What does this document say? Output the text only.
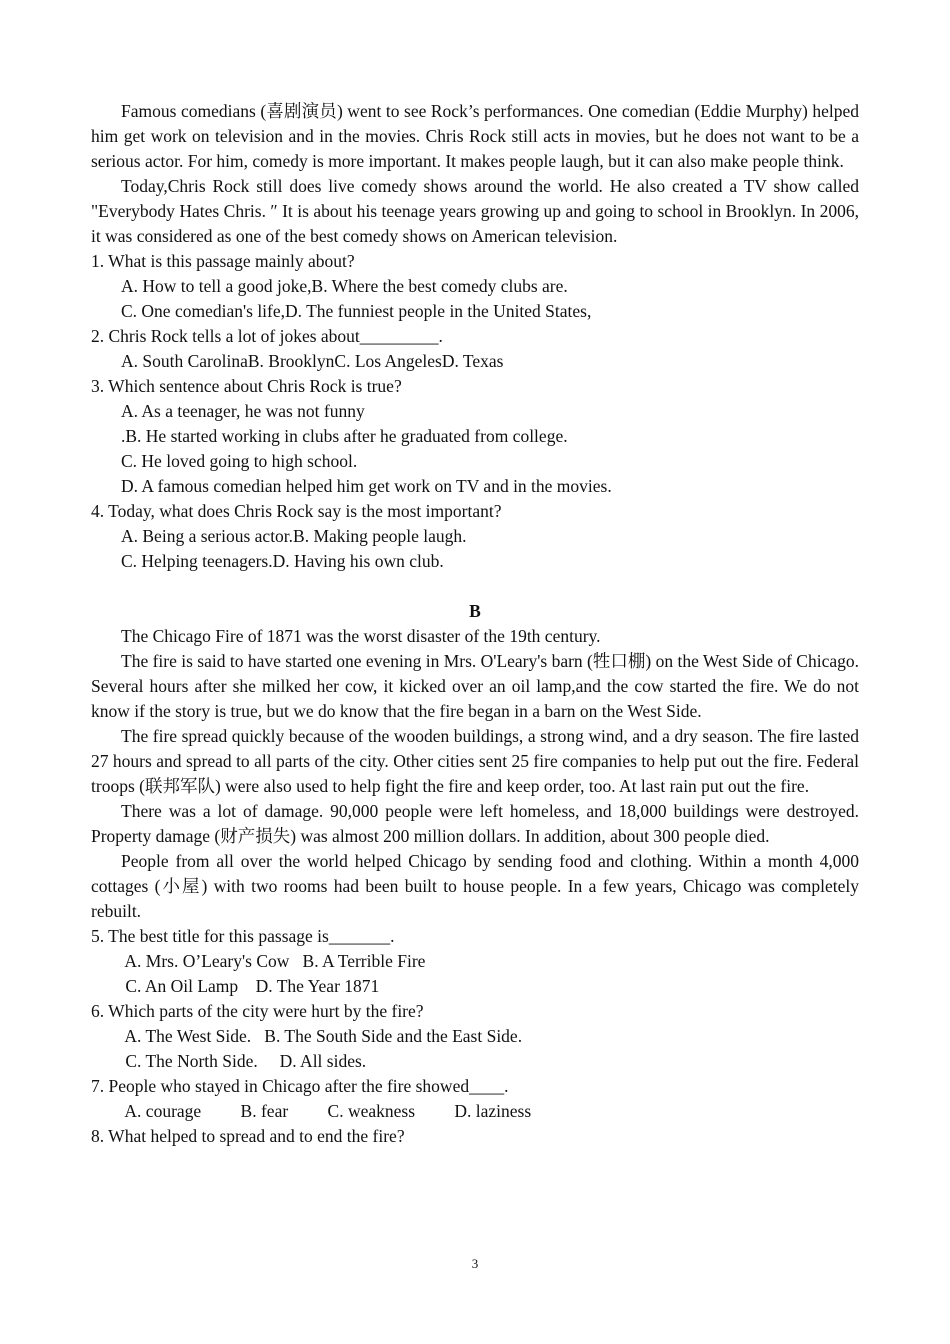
Famous comedians (喜剧演员) went to see Rock’s performances. One comedian (Eddie Murphy) helped him get work on television and in the movies. Chris Rock still acts in movies, but he does not want to be a serious actor. For him, comedy is more important. It makes people laugh, but it can also make people think.

Today,Chris Rock still does live comedy shows around the world. He also created a TV show called "Everybody Hates Chris. ″ It is about his teenage years growing up and going to school in Brooklyn. In 2006, it was considered as one of the best comedy shows on American television.

1. What is this passage mainly about?

A. How to tell a good joke,B. Where the best comedy clubs are.

C. One comedian's life,D. The funniest people in the United States,

2. Chris Rock tells a lot of jokes about_________.

A. South CarolinaB. BrooklynC. Los AngelesD. Texas

3. Which sentence about Chris Rock is true?

A. As a teenager, he was not funny

.B. He started working in clubs after he graduated from college.

C. He loved going to high school.

D. A famous comedian helped him get work on TV and in the movies.

4. Today, what does Chris Rock say is the most important?

A. Being a serious actor.B. Making people laugh.

C. Helping teenagers.D. Having his own club.

B

The Chicago Fire of 1871 was the worst disaster of the 19th century.

The fire is said to have started one evening in Mrs. O'Leary's barn (牲口棚) on the West Side of Chicago. Several hours after she milked her cow, it kicked over an oil lamp,and the cow started the fire. We do not know if the story is true, but we do know that the fire began in a barn on the West Side.

The fire spread quickly because of the wooden buildings, a strong wind, and a dry season. The fire lasted 27 hours and spread to all parts of the city. Other cities sent 25 fire companies to help put out the fire. Federal troops (联邦军队) were also used to help fight the fire and keep order, too. At last rain put out the fire.

There was a lot of damage. 90,000 people were left homeless, and 18,000 buildings were destroyed. Property damage (财产损失) was almost 200 million dollars. In addition, about 300 people died.

People from all over the world helped Chicago by sending food and clothing. Within a month 4,000 cottages (小屋) with two rooms had been built to house people. In a few years, Chicago was completely rebuilt.

5. The best title for this passage is_______.

A. Mrs. O’Leary's Cow   B. A Terrible Fire

C. An Oil Lamp    D. The Year 1871

6. Which parts of the city were hurt by the fire?

A. The West Side.   B. The South Side and the East Side.

C. The North Side.     D. All sides.

7. People who stayed in Chicago after the fire showed____.

A. courage         B. fear         C. weakness         D. laziness

8. What helped to spread and to end the fire?

3
